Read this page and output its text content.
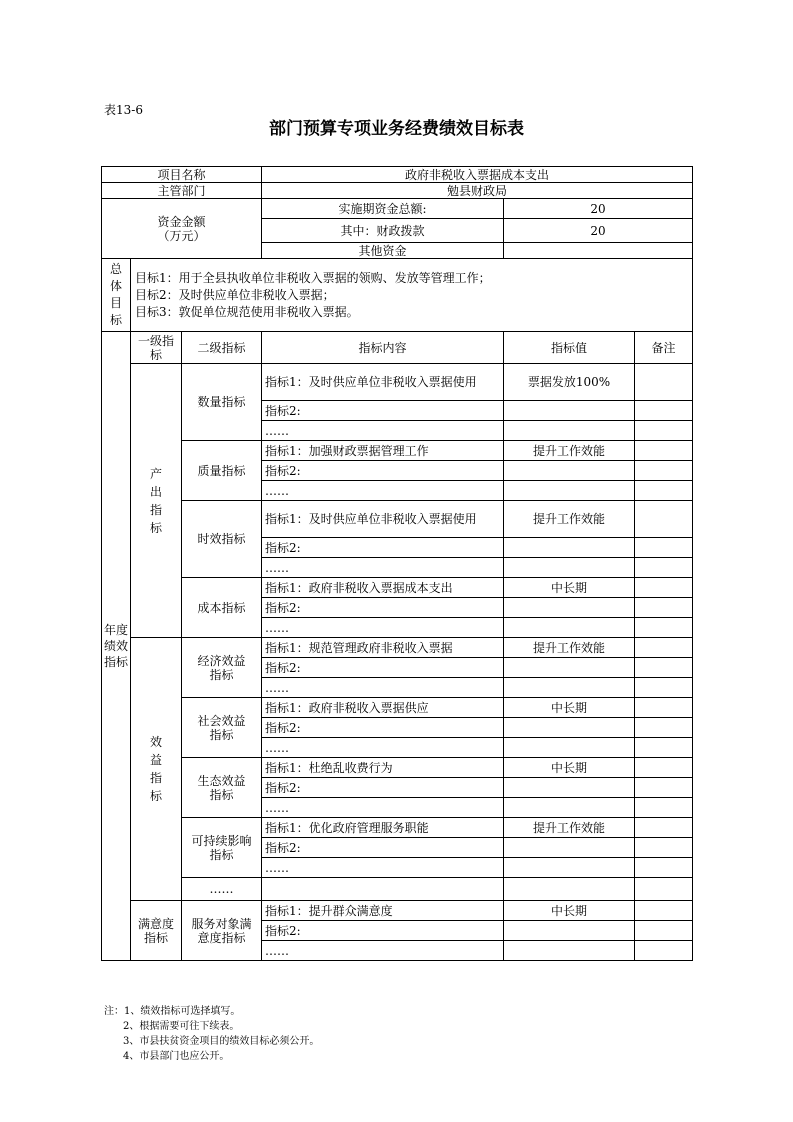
表13-6
部门预算专项业务经费绩效目标表
项目名称			政府非税收入票据成本支出		
主管部门			勉县财政局		

资金金额
（万元）			实施期资金总额:	20	
			其中：财政拨款	20	
			其他资金		

总体目标	目标1：用于全县执收单位非税收入票据的领购、发放等管理工作；
目标2：及时供应单位非税收入票据；
目标3：敦促单位规范使用非税收入票据。				

年度绩效指标	一级指标	二级指标	指标内容	指标值	备注

	产出指标	数量指标	指标1：及时供应单位非税收入票据使用	票据发放100%	
			指标2:		
			……		
		质量指标	指标1：加强财政票据管理工作	提升工作效能	
			指标2:		
			……		
		时效指标	指标1：及时供应单位非税收入票据使用	提升工作效能	
			指标2:		
			……		
		成本指标	指标1：政府非税收入票据成本支出	中长期	
			指标2:		
			……		

	效益指标	经济效益指标	指标1：规范管理政府非税收入票据	提升工作效能	
			指标2:		
			……		

		社会效益指标	指标1：政府非税收入票据供应	中长期	
			指标2:		
			……		

		生态效益指标	指标1：杜绝乱收费行为	中长期	
			指标2:		
			……		

		可持续影响指标	指标1：优化政府管理服务职能	提升工作效能	
			指标2:		
			……		
		……			

	满意度指标	服务对象满意度指标	指标1：提升群众满意度	中长期	
			指标2:		
			……		
注：1、绩效指标可选择填写。
2、根据需要可往下续表。
3、市县扶贫资金项目的绩效目标必须公开。
4、市县部门也应公开。
